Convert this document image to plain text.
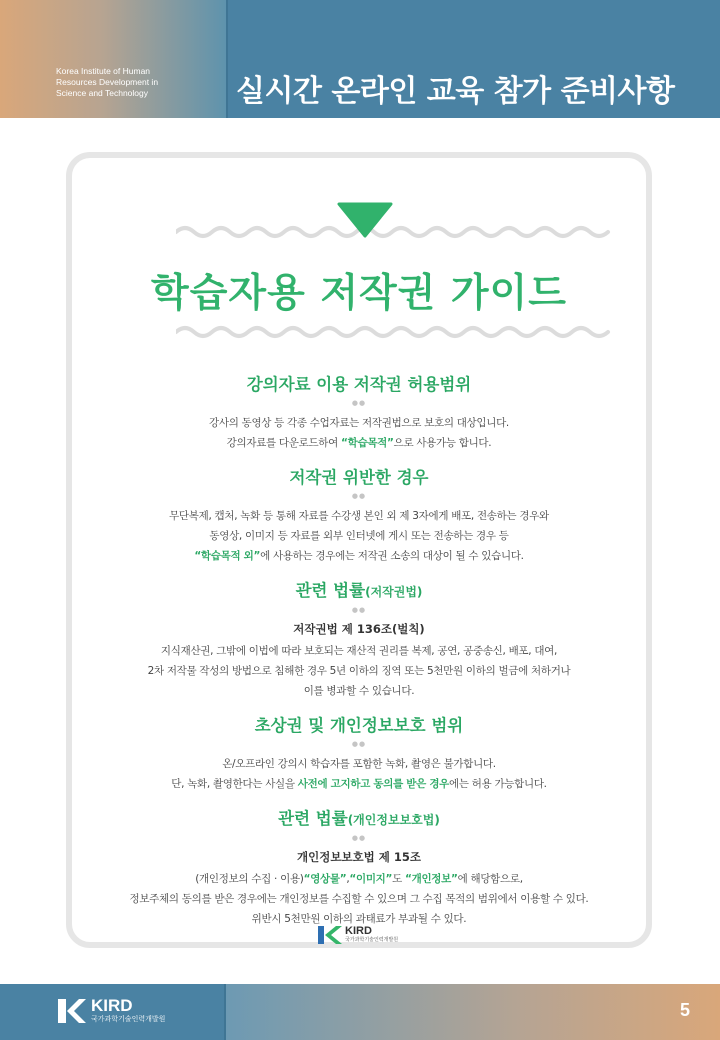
Korea Institute of Human
Resources Development in
Science and Technology	실시간 온라인 교육 참가 준비사항
학습자용 저작권 가이드
강의자료 이용 저작권 허용범위
●●
강사의 동영상 등 각종 수업자료는 저작권법으로 보호의 대상입니다.
강의자료를 다운로드하여 “학습목적”으로 사용가능 합니다.
저작권 위반한 경우
●●
무단복제, 캡처, 녹화 등 통해 자료를 수강생 본인 외 제 3자에게 배포, 전송하는 경우와
동영상, 이미지 등 자료를 외부 인터넷에 게시 또는 전송하는 경우 등
“학습목적 외”에 사용하는 경우에는 저작권 소송의 대상이 될 수 있습니다.
관련 법률(저작권법)
●●
저작권법 제 136조(벌칙)
지식재산권, 그밖에 이법에 따라 보호되는 재산적 권리를 복제, 공연, 공중송신, 배포, 대여,
2차 저작물 작성의 방법으로 침해한 경우 5년 이하의 징역 또는 5천만원 이하의 벌금에 처하거나
이를 병과할 수 있습니다.
초상권 및 개인정보보호 범위
●●
온/오프라인 강의시 학습자를 포함한 녹화, 촬영은 불가합니다.
단, 녹화, 촬영한다는 사실을 사전에 고지하고 동의를 받은 경우에는 허용 가능합니다.
관련 법률(개인정보보호법)
●●
개인정보보호법 제 15조
(개인정보의 수집 · 이용)“영상물”,“이미지”도 “개인정보”에 해당함으로,
정보주체의 동의를 받은 경우에는 개인정보를 수집할 수 있으며 그 수집 목적의 범위에서 이용할 수 있다.
위반시 5천만원 이하의 과태료가 부과될 수 있다.
KIRD
국가과학기술인력개발원
KIRD
국가과학기술인력개발원	5
